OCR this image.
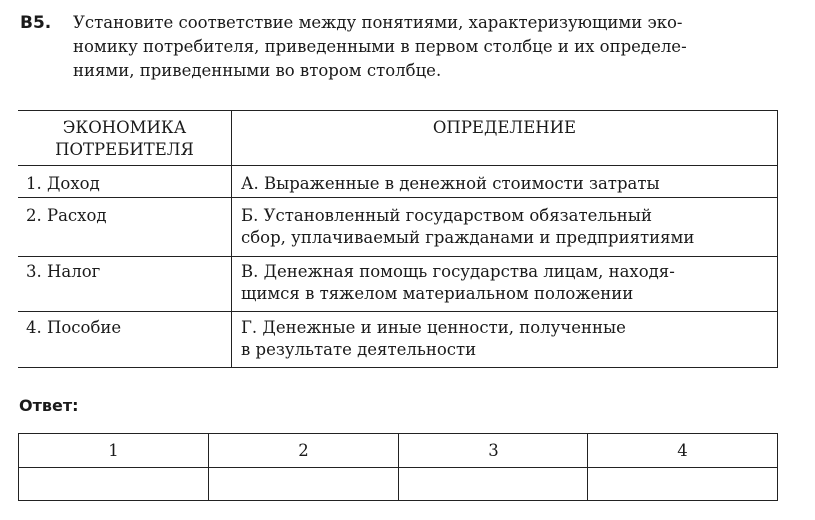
B5. Установите соответствие между понятиями, характеризующими эко-
номику потребителя, приведенными в первом столбце и их определе-
ниями, приведенными во втором столбце.

ЭКОНОМИКА
ПОТРЕБИТЕЛЯ
ОПРЕДЕЛЕНИЕ
1. Доход	А. Выраженные в денежной стоимости затраты
2. Расход	Б. Установленный государством обязательный
сбор, уплачиваемый гражданами и предприятиями
3. Налог	В. Денежная помощь государства лицам, находя-
щимся в тяжелом материальном положении
4. Пособие	Г. Денежные и иные ценности, полученные
в результате деятельности
Ответ:
1	2	3	4
